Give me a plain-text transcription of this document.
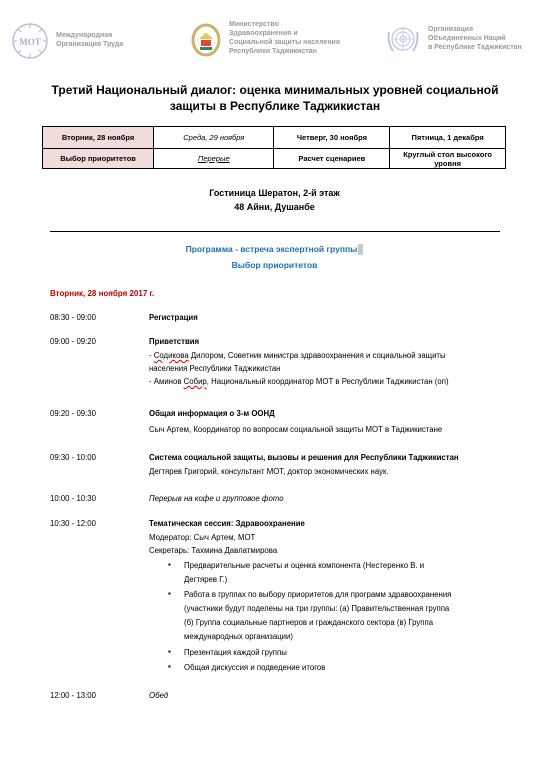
МОТ
Международная
Организация Труда
Министерство
Здравоохранения и
Социальной защиты населения
Республики Таджикистан
Организация
Объединенных Наций
в Республике Таджикистан
Третий Национальный диалог: оценка минимальных уровней социальной
защиты в Республике Таджикистан
Вторник, 28 ноября	Среда, 29 ноября	Четверг, 30 ноября	Пятница, 1 декабря
Выбор приоритетов	Перерые	Расчет сценариев	Круглый стол высокого уровня
Гостиница Шератон, 2-й этаж
48 Айни, Душанбе
Программа - встреча экспертной группы
Выбор приоритетов
Вторник, 28 ноября 2017 г.
08:30 - 09:00	Регистрация
09:00 - 09:20	Приветствия
- Содикова Дилором, Советник министра здравоохранения и социальной защиты
населения Республики Таджикистан
- Аминов Собир, Национальный координатор МОТ в Республики Таджикистан (оп)
09:20 - 09:30	Общая информация о 3-м ООНД
Сыч Артем, Координатор по вопросам социальной защиты МОТ в Таджикистане
09:30 - 10:00	Система социальной защиты, вызовы и решения для Республики Таджикистан
Дегтярев Григорий, консультант МОТ, доктор экономических наук.
10:00 - 10:30	Перерыв на кофе и групповое фото
10:30 - 12:00	Тематическая сессия: Здравоохранение
Модератор: Сыч Артем, МОТ
Секретарь: Тахмина Давлатмирова
▪ Предварительные расчеты и оценка компонента (Нестеренко В. и
Дегтярев Г.)
▪ Работа в группах по выбору приоритетов для программ здравоохранения
(участники будут поделены на три группы: (а) Правительственная группа
(б) Группа социальные партнеров и гражданского сектора (в) Группа
международных организации)
▪ Презентация каждой группы
▪ Общая дискуссия и подведение итогов
12:00 - 13:00	Обед
